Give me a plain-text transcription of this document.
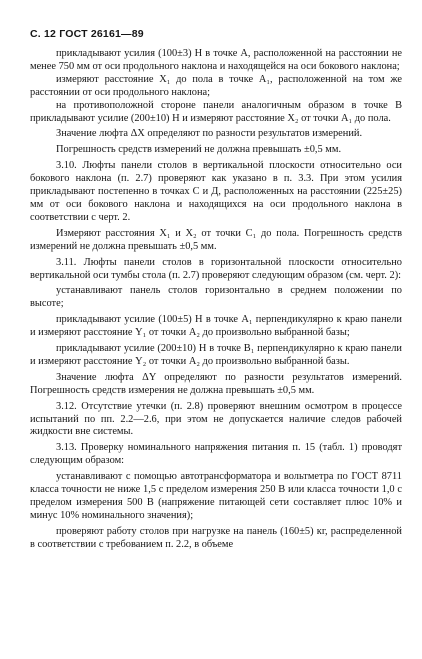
С. 12 ГОСТ 26161—89

прикладывают усилия (100±3) Н в точке А, расположенной на расстоянии не менее 750 мм от оси продольного наклона и находящейся на оси бокового наклона;

измеряют расстояние X₁ до пола в точке A₁, расположенной на том же расстоянии от оси продольного наклона;

на противоположной стороне панели аналогичным образом в точке В прикладывают усилие (200±10) Н и измеряют расстояние X₂ от точки A₁ до пола.

Значение люфта ΔX определяют по разности результатов измерений.

Погрешность средств измерений не должна превышать ±0,5 мм.

3.10. Люфты панели столов в вертикальной плоскости относительно оси бокового наклона (п. 2.7) проверяют как указано в п. 3.3. При этом усилия прикладывают постепенно в точках С и Д, расположенных на расстоянии (225±25) мм от оси бокового наклона и находящихся на оси продольного наклона в соответствии с черт. 2.

Измеряют расстояния X₁ и X₂ от точки C₁ до пола. Погрешность средств измерений не должна превышать ±0,5 мм.

3.11. Люфты панели столов в горизонтальной плоскости относительно вертикальной оси тумбы стола (п. 2.7) проверяют следующим образом (см. черт. 2):

устанавливают панель столов горизонтально в среднем положении по высоте;

прикладывают усилие (100±5) Н в точке A₁ перпендикулярно к краю панели и измеряют расстояние Y₁ от точки A₂ до произвольно выбранной базы;

прикладывают усилие (200±10) Н в точке B₁ перпендикулярно к краю панели и измеряют расстояние Y₂ от точки A₂ до произвольно выбранной базы.

Значение люфта ΔY определяют по разности результатов измерений. Погрешность средств измерения не должна превышать ±0,5 мм.

3.12. Отсутствие утечки (п. 2.8) проверяют внешним осмотром в процессе испытаний по пп. 2.2—2.6, при этом не допускается наличие следов рабочей жидкости вне системы.

3.13. Проверку номинального напряжения питания п. 15 (табл. 1) проводят следующим образом:

устанавливают с помощью автотрансформатора и вольтметра по ГОСТ 8711 класса точности не ниже 1,5 с пределом измерения 250 В или класса точности 1,0 с пределом измерения 500 В (напряжение питающей сети составляет плюс 10% и минус 10% номинального значения);

проверяют работу столов при нагрузке на панель (160±5) кг, распределенной в соответствии с требованием п. 2.2, в объеме
